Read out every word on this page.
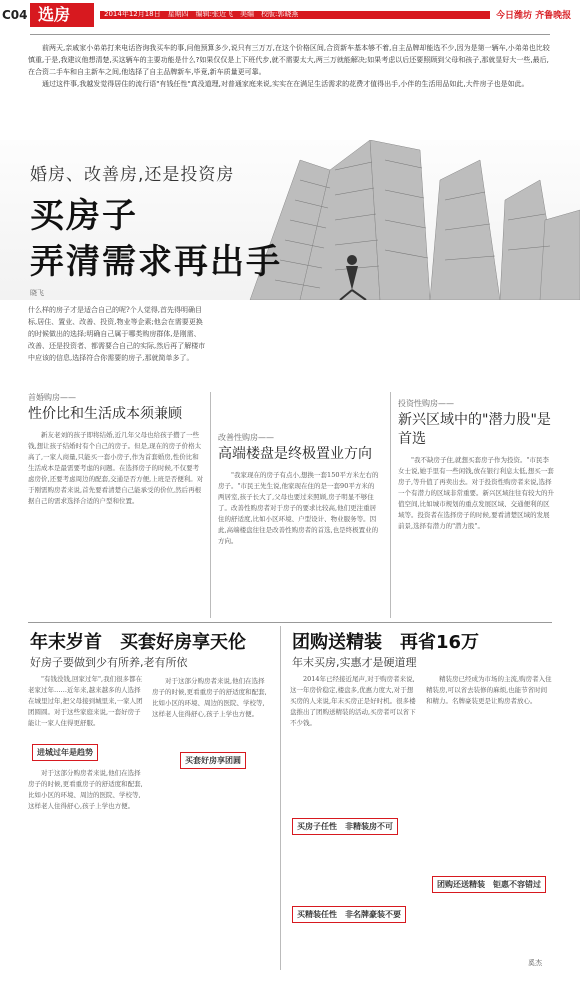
C04 选房	2014年12月18日　星期四　编辑:张近飞　美编　校版:郭晓燕	今日潍坊 齐鲁晚报

前两天,亲戚家小弟弟打来电话咨询我买车的事,问他预算多少,说只有三万万,在这个价格区间,合资新车基本够不着,自主品牌却能选不少,因为是第一辆车,小弟弟也比较慎重,于是,我建议他想清楚,买这辆车的主要功能是什么?如果仅仅是上下班代步,就不需要太大,两三万就能解决;如果考虑以后还要照顾到父母和孩子,那就显好大一些,最后,在合资二手车和自主新车之间,他选择了自主品牌新车,毕竟,新车质量更可靠。

通过这件事,我越发觉得居住的流行语"有钱任性"真没道理,对普通家庭来说,实实在在满足生活需求的花费才值得出手,小伴的生活用品如此,大件房子也是如此。

婚房、改善房,还是投资房
买房子
弄清需求再出手
晓飞

什么样的房子才是适合自己的呢?个人觉得,首先得明确目标,居住、置业、改善、投资,物业等企素;他会在需要更换的时候做出的选择;明确自己属于哪类购房群体,是刚需、改善、还是投资者、都需要合自己的实际,然后再了解楼市中应该的信息,选择符合你需要的房子,那就简单多了。

首婚购房——

性价比和生活成本须兼顾

新友老刘的孩子即将结婚,近几年父母也给孩子攒了一些钱,想让孩子结婚时有个自己的房子。但是,现在的房子价格太高了,一家人商量,只能买一套小房子,作为首套婚房,性价比和生活成本是最需要考虑的问题。在选择房子的时候,不仅要考虑房价,还要考虑周边的配套,交通是否方便,上班是否便利。对于刚需购房者来说,首先要看清楚自己能承受的价位,然后再根据自己的需求选择合适的户型和位置。

改善性购房——

高端楼盘是终极置业方向

"我家现在的房子有点小,想换一套150平方米左右的房子。"市民王先生说,他家现在住的是一套90平方米的两居室,孩子长大了,父母也要过来照顾,房子明显不够住了。改善性购房者对于房子的要求比较高,他们更注重居住的舒适度,比如小区环境、户型设计、物业服务等。因此,高端楼盘往往是改善性购房者的首选,也是终极置业的方向。

投资性购房——

新兴区域中的"潜力股"是首选

"我不缺房子住,就想买套房子作为投资。"市民李女士说,她手里有一些闲钱,放在银行利息太低,想买一套房子,等升值了再卖出去。对于投资性购房者来说,选择一个有潜力的区域非常重要。新兴区域往往有较大的升值空间,比如城市规划的重点发展区域、交通便利的区域等。投资者在选择房子的时候,要看清楚区域的发展前景,选择有潜力的"潜力股"。

年末岁首　买套好房享天伦
好房子要做到少有所养,老有所依

"有钱没钱,回家过年",我们很多都在老家过年……近年来,越来越多的人选择在城里过年,把父母接到城里来,一家人团团圆圆。对于这些家庭来说,一套好房子能让一家人住得更舒服。

进城过年是趋势

对于这部分购房者来说,他们在选择房子的时候,更看重房子的舒适度和配套,比如小区的环境、周边的医院、学校等,这样老人住得舒心,孩子上学也方便。

买套好房享团圆

对于这部分购房者来说,他们在选择房子的时候,更看重房子的舒适度和配套,比如小区的环境、周边的医院、学校等,这样老人住得舒心,孩子上学也方便。

团购送精装　再省16万
年末买房,实惠才是硬道理

2014年已经接近尾声,对于购房者来说,这一年房价稳定,楼盘多,优惠力度大,对于想买房的人来说,年末买房正是好时机。很多楼盘推出了团购送精装的活动,买房者可以省下不少钱。

买房子任性　非精装房不可
买精装任性　非名牌豪装不要

精装房已经成为市场的主流,购房者入住精装房,可以省去装修的麻烦,也能节省时间和精力。名牌豪装更是让购房者放心。

团购还送精装　钜惠不容错过
奚杰
